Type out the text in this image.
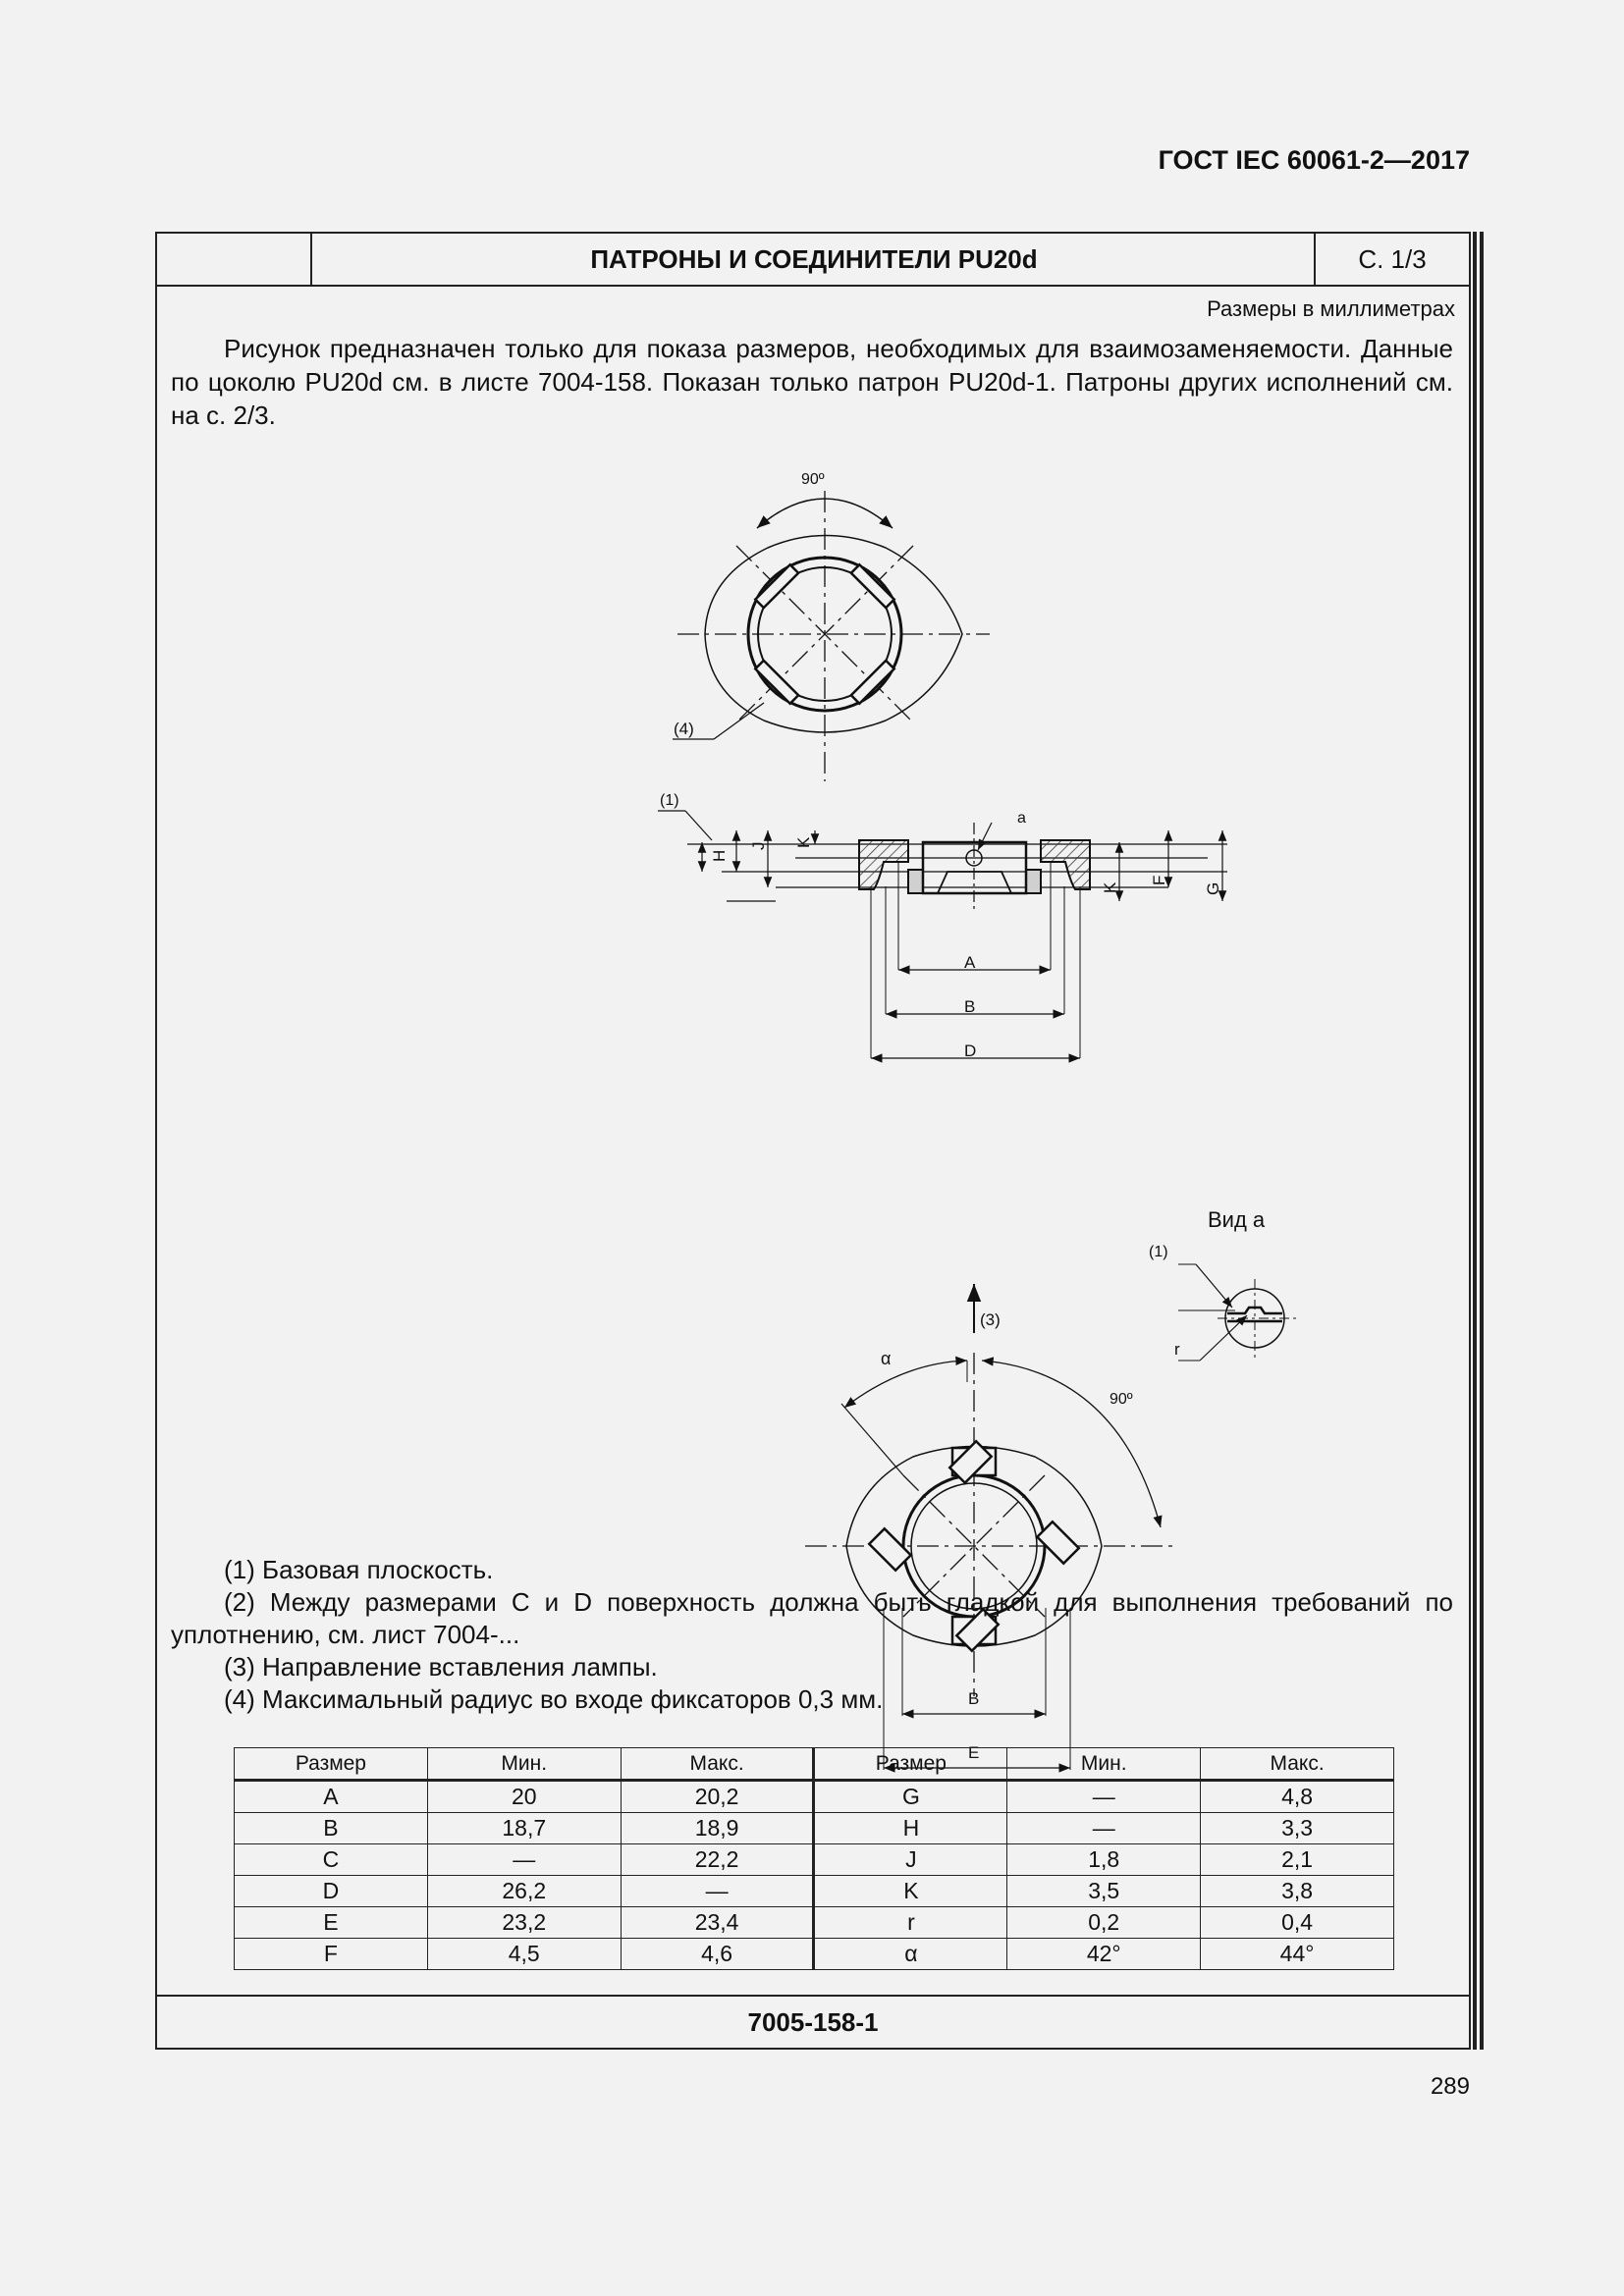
ГОСТ IEC 60061-2—2017
ПАТРОНЫ И СОЕДИНИТЕЛИ PU20d	С. 1/3
Размеры в миллиметрах

Рисунок предназначен только для показа размеров, необходимых для взаимозаменяемости. Данные по цоколю PU20d см. в листе 7004-158. Показан только патрон PU20d-1. Патроны других исполнений см. на с. 2/3.

90º
(4)
(1)
a
H
J K
K
F
G
A
B
D
Вид а
(1)
r
(3)
α
90º
B
E

(1) Базовая плоскость.

(2) Между размерами C и D поверхность должна быть гладкой для выполнения требований по уплотнению, см. лист 7004-...

(3) Направление вставления лампы.

(4) Максимальный радиус во входе фиксаторов 0,3 мм.

Размер	Мин.	Макс.	Размер	Мин.	Макс.
A	20	20,2	G	—	4,8
B	18,7	18,9	H	—	3,3
C	—	22,2	J	1,8	2,1
D	26,2	—	K	3,5	3,8
E	23,2	23,4	r	0,2	0,4
F	4,5	4,6	α	42°	44°
7005-158-1
289
